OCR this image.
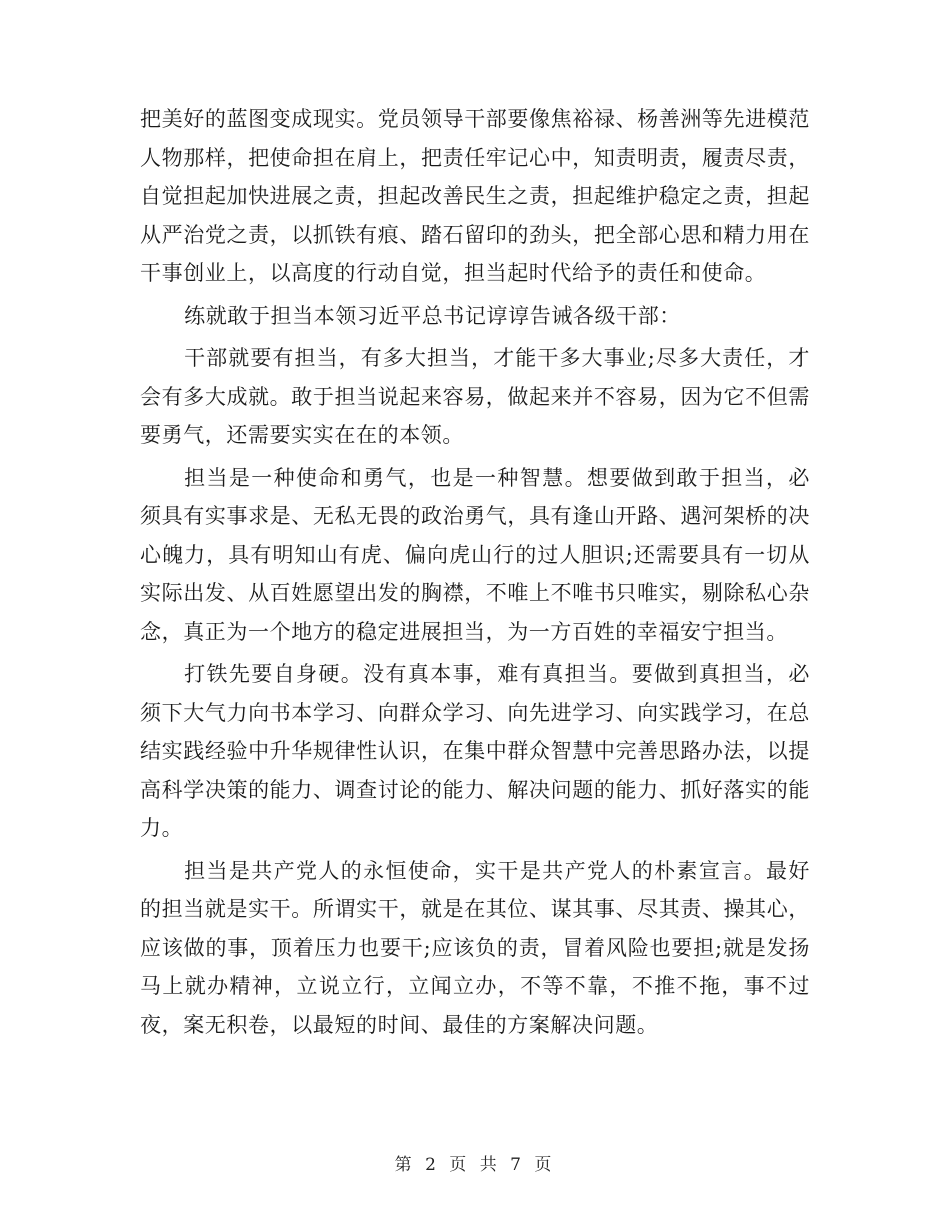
把美好的蓝图变成现实。党员领导干部要像焦裕禄、杨善洲等先进模范人物那样，把使命担在肩上，把责任牢记心中，知责明责，履责尽责，自觉担起加快进展之责，担起改善民生之责，担起维护稳定之责，担起从严治党之责，以抓铁有痕、踏石留印的劲头，把全部心思和精力用在干事创业上，以高度的行动自觉，担当起时代给予的责任和使命。

练就敢于担当本领习近平总书记谆谆告诫各级干部：

干部就要有担当，有多大担当，才能干多大事业;尽多大责任，才会有多大成就。敢于担当说起来容易，做起来并不容易，因为它不但需要勇气，还需要实实在在的本领。

担当是一种使命和勇气，也是一种智慧。想要做到敢于担当，必须具有实事求是、无私无畏的政治勇气，具有逢山开路、遇河架桥的决心魄力，具有明知山有虎、偏向虎山行的过人胆识;还需要具有一切从实际出发、从百姓愿望出发的胸襟，不唯上不唯书只唯实，剔除私心杂念，真正为一个地方的稳定进展担当，为一方百姓的幸福安宁担当。

打铁先要自身硬。没有真本事，难有真担当。要做到真担当，必须下大气力向书本学习、向群众学习、向先进学习、向实践学习，在总结实践经验中升华规律性认识，在集中群众智慧中完善思路办法，以提高科学决策的能力、调查讨论的能力、解决问题的能力、抓好落实的能力。

担当是共产党人的永恒使命，实干是共产党人的朴素宣言。最好的担当就是实干。所谓实干，就是在其位、谋其事、尽其责、操其心，应该做的事，顶着压力也要干;应该负的责，冒着风险也要担;就是发扬马上就办精神，立说立行，立闻立办，不等不靠，不推不拖，事不过夜，案无积卷，以最短的时间、最佳的方案解决问题。

第 2 页 共 7 页
